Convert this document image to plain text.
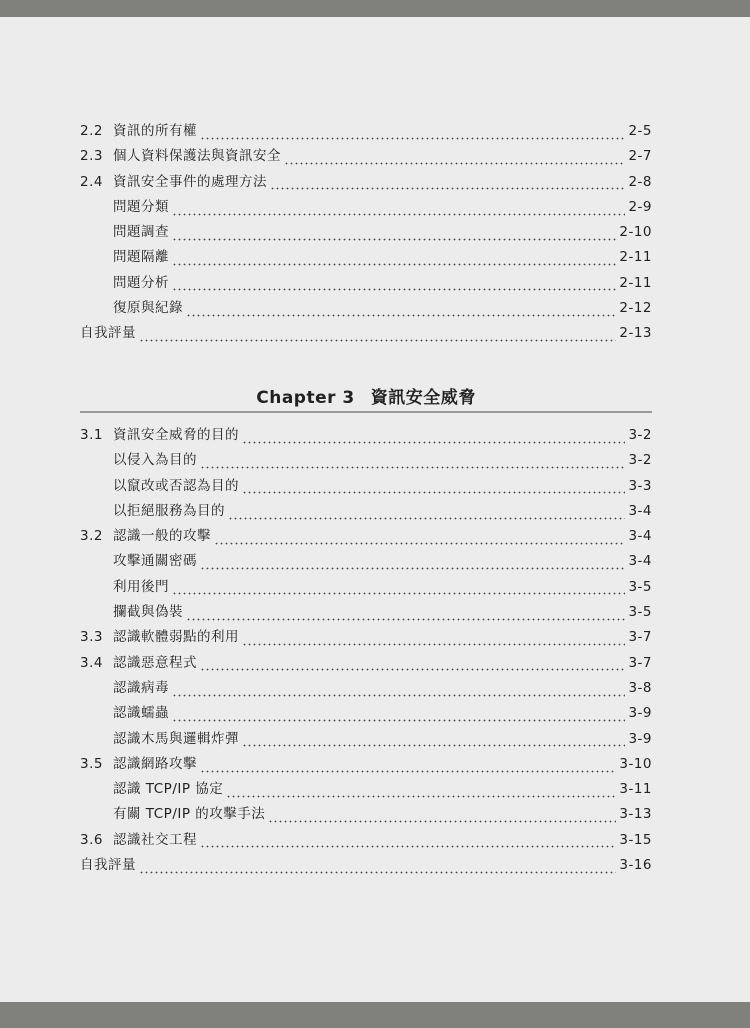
2.2 資訊的所有權	2-5
2.3 個人資料保護法與資訊安全	2-7
2.4 資訊安全事件的處理方法	2-8
問題分類	2-9
問題調查	2-10
問題隔離	2-11
問題分析	2-11
復原與紀錄	2-12
自我評量	2-13
Chapter 3 資訊安全威脅
3.1 資訊安全威脅的目的	3-2
以侵入為目的	3-2
以竄改或否認為目的	3-3
以拒絕服務為目的	3-4
3.2 認識一般的攻擊	3-4
攻擊通關密碼	3-4
利用後門	3-5
攔截與偽裝	3-5
3.3 認識軟體弱點的利用	3-7
3.4 認識惡意程式	3-7
認識病毒	3-8
認識蠕蟲	3-9
認識木馬與邏輯炸彈	3-9
3.5 認識網路攻擊	3-10
認識 TCP/IP 協定	3-11
有關 TCP/IP 的攻擊手法	3-13
3.6 認識社交工程	3-15
自我評量	3-16
